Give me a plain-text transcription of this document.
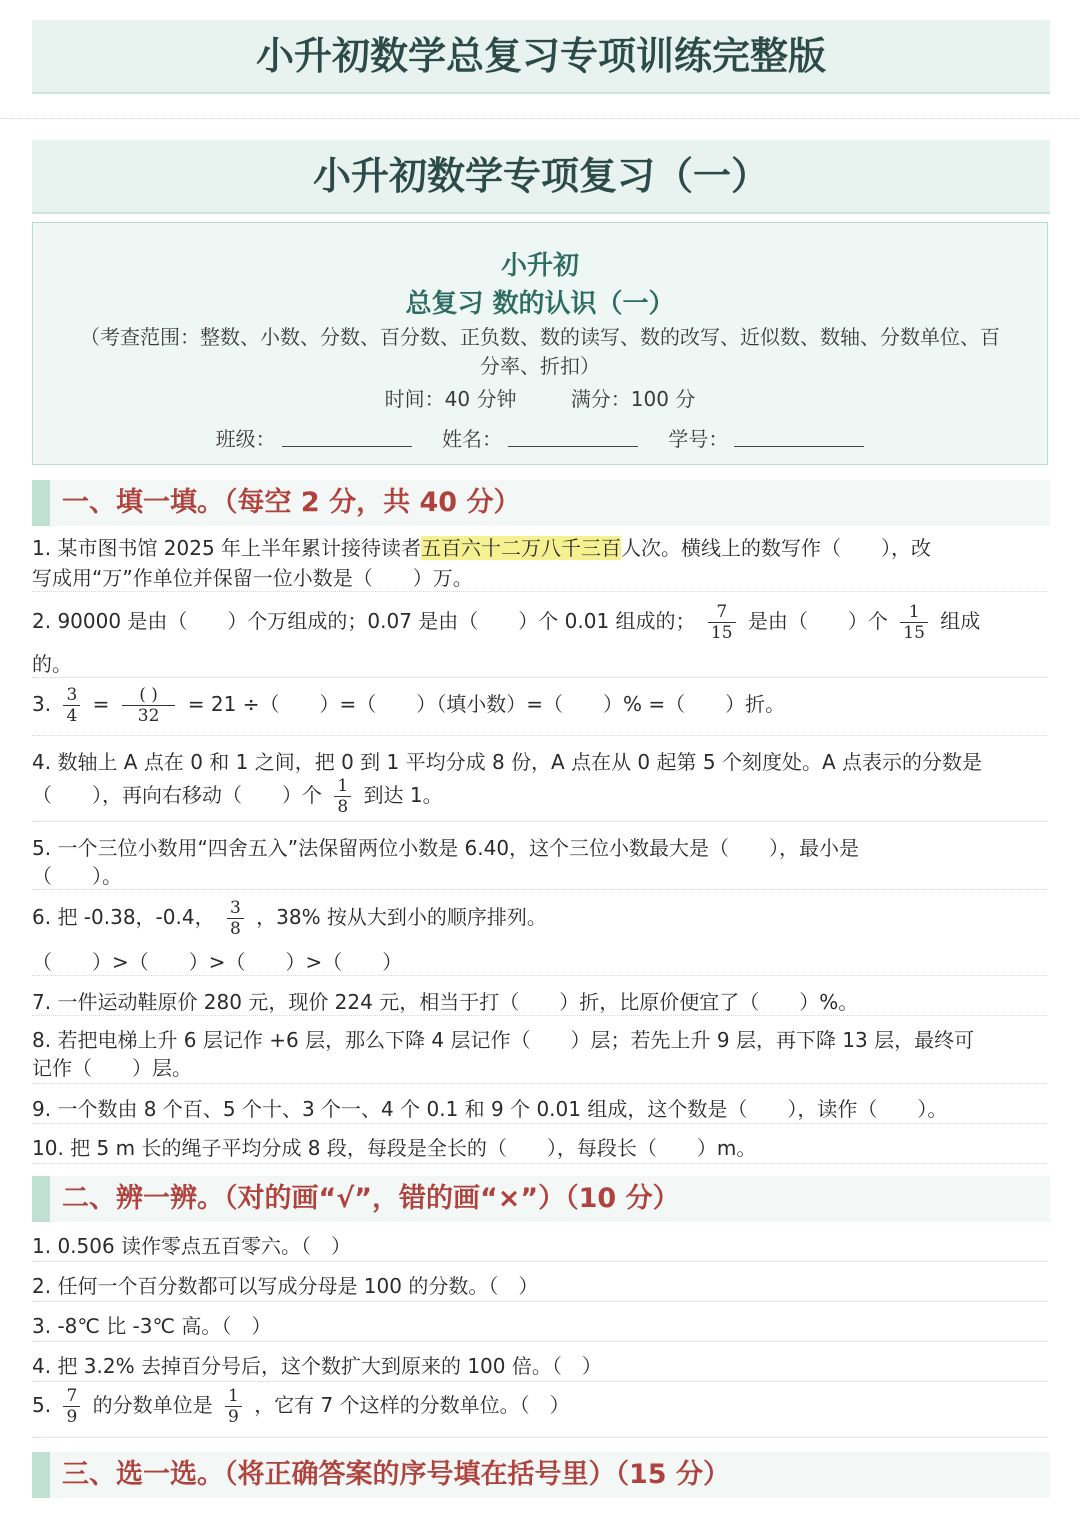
小升初数学总复习专项训练完整版
小升初数学专项复习（一）
小升初
总复习 数的认识（一）
（考查范围：整数、小数、分数、百分数、正负数、数的读写、数的改写、近似数、数轴、分数单位、百分率、折扣）
时间：40 分钟	满分：100 分
班级：	姓名：	学号：
一、填一填。（每空 2 分，共 40 分）
1. 某市图书馆 2025 年上半年累计接待读者五百六十二万八千三百人次。横线上的数写作（　　），改
写成用“万”作单位并保留一位小数是（　　）万。
2. 90000 是由（　　）个万组成的；0.07 是由（　　）个 0.01 组成的； $\frac{7}{15}$ 是由（　　）个 $\frac{1}{15}$ 组成
的。
3. $\frac{3}{4} = \frac{( )}{32} = 21$ ÷（　　）=（　　）（填小数）=（　　）% =（　　）折。
4. 数轴上 A 点在 0 和 1 之间，把 0 到 1 平均分成 8 份，A 点在从 0 起第 5 个刻度处。A 点表示的分数是
（　　），再向右移动（　　）个 $\frac{1}{8}$ 到达 1。
5. 一个三位小数用“四舍五入”法保留两位小数是 6.40，这个三位小数最大是（　　），最小是
（　　）。
6. 把 -0.38，-0.4， $\frac{3}{8}$ ，38% 按从大到小的顺序排列。
（　　）>（　　）>（　　）>（　　）
7. 一件运动鞋原价 280 元，现价 224 元，相当于打（　　）折，比原价便宜了（　　）%。
8. 若把电梯上升 6 层记作 +6 层，那么下降 4 层记作（　　）层；若先上升 9 层，再下降 13 层，最终可
记作（　　）层。
9. 一个数由 8 个百、5 个十、3 个一、4 个 0.1 和 9 个 0.01 组成，这个数是（　　），读作（　　）。
10. 把 5 m 长的绳子平均分成 8 段，每段是全长的（　　），每段长（　　）m。
二、辨一辨。（对的画“√”，错的画“×”）（10 分）
1. 0.506 读作零点五百零六。（　）
2. 任何一个百分数都可以写成分母是 100 的分数。（　）
3. -8℃ 比 -3℃ 高。（　）
4. 把 3.2% 去掉百分号后，这个数扩大到原来的 100 倍。（　）
5. $\frac{7}{9}$ 的分数单位是 $\frac{1}{9}$ ，它有 7 个这样的分数单位。（　）
三、选一选。（将正确答案的序号填在括号里）（15 分）
